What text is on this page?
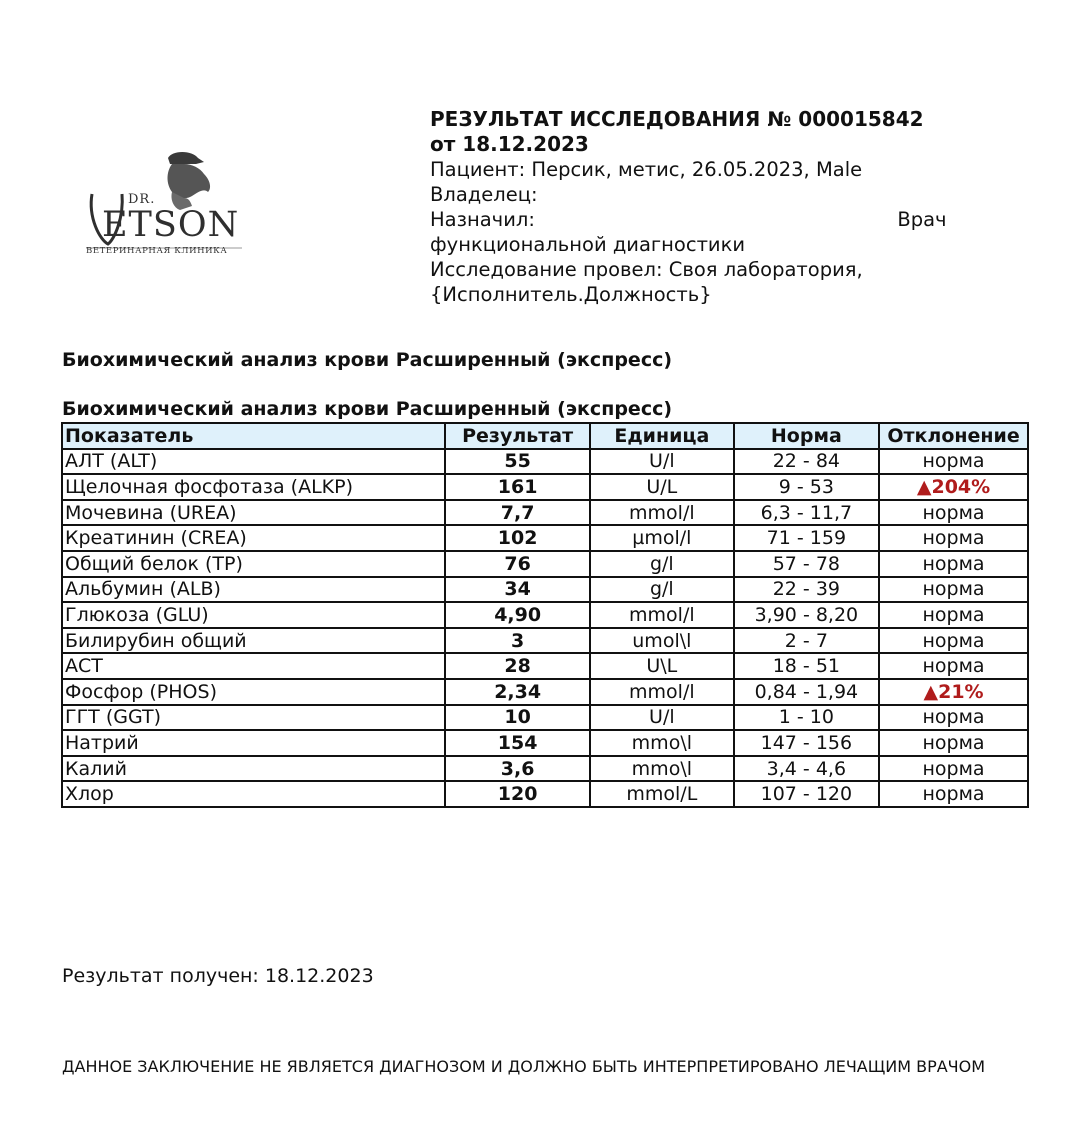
DR.
ETSON
ВЕТЕРИНАРНАЯ КЛИНИКА
РЕЗУЛЬТАТ ИССЛЕДОВАНИЯ № 000015842
от 18.12.2023
Пациент: Персик, метис, 26.05.2023, Male
Владелец:
Назначил:	Врач
функциональной диагностики
Исследование провел: Своя лаборатория,
{Исполнитель.Должность}
Биохимический анализ крови Расширенный (экспресс)
Биохимический анализ крови Расширенный (экспресс)
Показатель	Результат	Единица	Норма	Отклонение
АЛТ (ALT)	55	U/l	22 - 84	норма
Щелочная фосфотаза (ALKP)	161	U/L	9 - 53	▲204%
Мочевина (UREA)	7,7	mmol/l	6,3 - 11,7	норма
Креатинин (CREA)	102	µmol/l	71 - 159	норма
Общий белок (TP)	76	g/l	57 - 78	норма
Альбумин (ALB)	34	g/l	22 - 39	норма
Глюкоза (GLU)	4,90	mmol/l	3,90 - 8,20	норма
Билирубин общий	3	umol\l	2 - 7	норма
АСТ	28	U\L	18 - 51	норма
Фосфор (PHOS)	2,34	mmol/l	0,84 - 1,94	▲21%
ГГТ (GGT)	10	U/l	1 - 10	норма
Натрий	154	mmo\l	147 - 156	норма
Калий	3,6	mmo\l	3,4 - 4,6	норма
Хлор	120	mmol/L	107 - 120	норма
Результат получен: 18.12.2023
ДАННОЕ ЗАКЛЮЧЕНИЕ НЕ ЯВЛЯЕТСЯ ДИАГНОЗОМ И ДОЛЖНО БЫТЬ ИНТЕРПРЕТИРОВАНО ЛЕЧАЩИМ ВРАЧОМ
